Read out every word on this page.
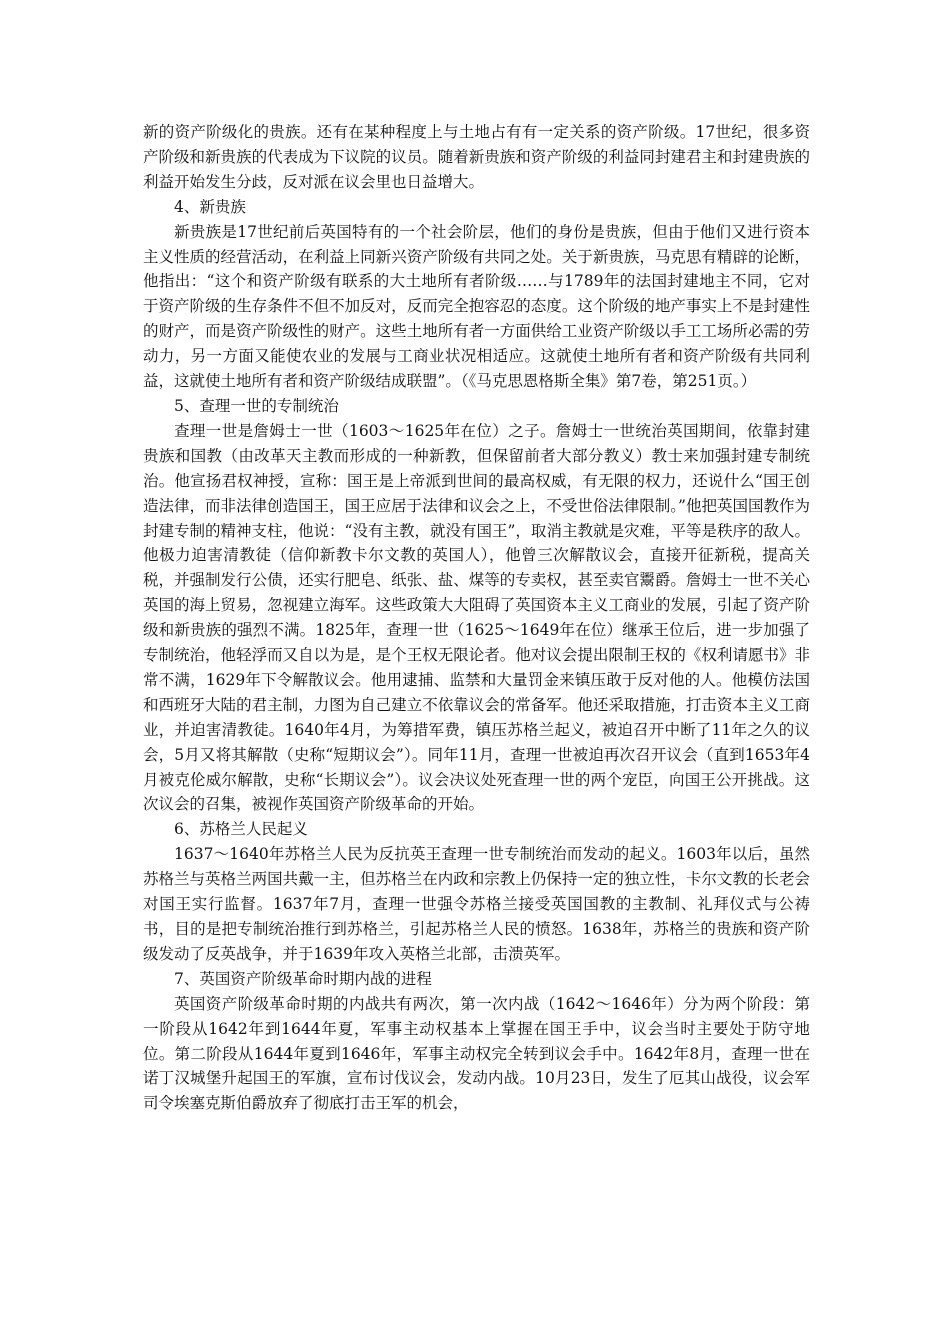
新的资产阶级化的贵族。还有在某种程度上与土地占有有一定关系的资产阶级。17世纪，很多资产阶级和新贵族的代表成为下议院的议员。随着新贵族和资产阶级的利益同封建君主和封建贵族的利益开始发生分歧，反对派在议会里也日益增大。

4、新贵族

新贵族是17世纪前后英国特有的一个社会阶层，他们的身份是贵族，但由于他们又进行资本主义性质的经营活动，在利益上同新兴资产阶级有共同之处。关于新贵族，马克思有精辟的论断，他指出：“这个和资产阶级有联系的大土地所有者阶级……与1789年的法国封建地主不同，它对于资产阶级的生存条件不但不加反对，反而完全抱容忍的态度。这个阶级的地产事实上不是封建性的财产，而是资产阶级性的财产。这些土地所有者一方面供给工业资产阶级以手工工场所必需的劳动力，另一方面又能使农业的发展与工商业状况相适应。这就使土地所有者和资产阶级有共同利益，这就使土地所有者和资产阶级结成联盟”。（《马克思恩格斯全集》第7卷，第251页。）

5、查理一世的专制统治

查理一世是詹姆士一世（1603～1625年在位）之子。詹姆士一世统治英国期间，依靠封建贵族和国教（由改革天主教而形成的一种新教，但保留前者大部分教义）教士来加强封建专制统治。他宣扬君权神授，宣称：国王是上帝派到世间的最高权威，有无限的权力，还说什么“国王创造法律，而非法律创造国王，国王应居于法律和议会之上，不受世俗法律限制。”他把英国国教作为封建专制的精神支柱，他说：“没有主教，就没有国王”，取消主教就是灾难，平等是秩序的敌人。他极力迫害清教徒（信仰新教卡尔文教的英国人），他曾三次解散议会，直接开征新税，提高关税，并强制发行公债，还实行肥皂、纸张、盐、煤等的专卖权，甚至卖官鬻爵。詹姆士一世不关心英国的海上贸易，忽视建立海军。这些政策大大阻碍了英国资本主义工商业的发展，引起了资产阶级和新贵族的强烈不满。1825年，查理一世（1625～1649年在位）继承王位后，进一步加强了专制统治，他轻浮而又自以为是，是个王权无限论者。他对议会提出限制王权的《权利请愿书》非常不满，1629年下令解散议会。他用逮捕、监禁和大量罚金来镇压敢于反对他的人。他模仿法国和西班牙大陆的君主制，力图为自己建立不依靠议会的常备军。他还采取措施，打击资本主义工商业，并迫害清教徒。1640年4月，为筹措军费，镇压苏格兰起义，被迫召开中断了11年之久的议会，5月又将其解散（史称“短期议会”）。同年11月，查理一世被迫再次召开议会（直到1653年4月被克伦威尔解散，史称“长期议会”）。议会决议处死查理一世的两个宠臣，向国王公开挑战。这次议会的召集，被视作英国资产阶级革命的开始。

6、苏格兰人民起义

1637～1640年苏格兰人民为反抗英王查理一世专制统治而发动的起义。1603年以后，虽然苏格兰与英格兰两国共戴一主，但苏格兰在内政和宗教上仍保持一定的独立性，卡尔文教的长老会对国王实行监督。1637年7月，查理一世强令苏格兰接受英国国教的主教制、礼拜仪式与公祷书，目的是把专制统治推行到苏格兰，引起苏格兰人民的愤怒。1638年，苏格兰的贵族和资产阶级发动了反英战争，并于1639年攻入英格兰北部，击溃英军。

7、英国资产阶级革命时期内战的进程

英国资产阶级革命时期的内战共有两次，第一次内战（1642～1646年）分为两个阶段：第一阶段从1642年到1644年夏，军事主动权基本上掌握在国王手中，议会当时主要处于防守地位。第二阶段从1644年夏到1646年，军事主动权完全转到议会手中。1642年8月，查理一世在诺丁汉城堡升起国王的军旗，宣布讨伐议会，发动内战。10月23日，发生了厄其山战役，议会军司令埃塞克斯伯爵放弃了彻底打击王军的机会，
